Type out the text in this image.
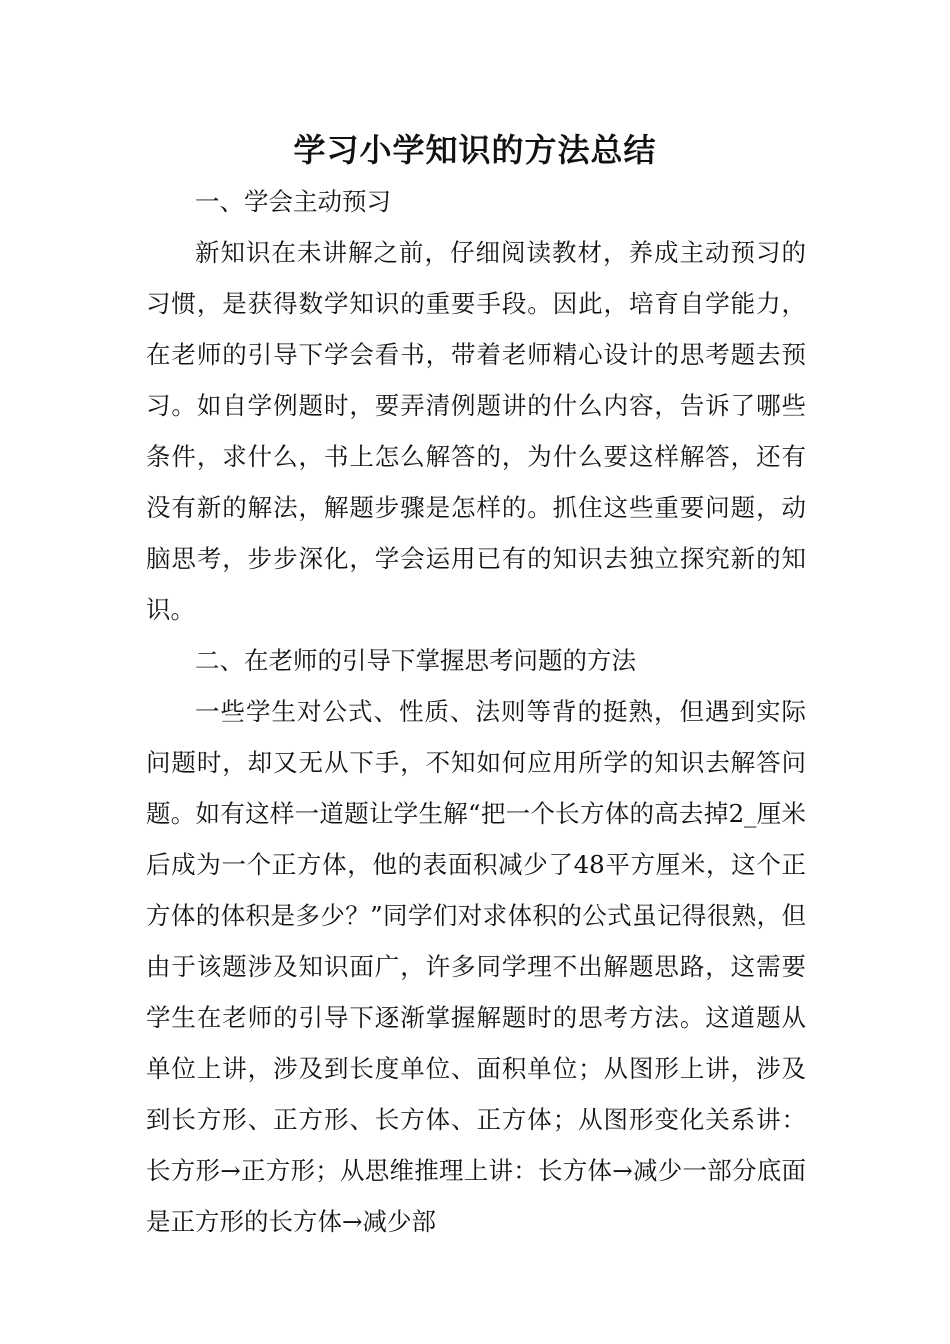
学习小学知识的方法总结

一、学会主动预习

新知识在未讲解之前，仔细阅读教材，养成主动预习的习惯，是获得数学知识的重要手段。因此，培育自学能力，在老师的引导下学会看书，带着老师精心设计的思考题去预习。如自学例题时，要弄清例题讲的什么内容，告诉了哪些条件，求什么，书上怎么解答的，为什么要这样解答，还有没有新的解法，解题步骤是怎样的。抓住这些重要问题，动脑思考，步步深化，学会运用已有的知识去独立探究新的知识。

二、在老师的引导下掌握思考问题的方法

一些学生对公式、性质、法则等背的挺熟，但遇到实际问题时，却又无从下手，不知如何应用所学的知识去解答问题。如有这样一道题让学生解“把一个长方体的高去掉2_厘米后成为一个正方体，他的表面积减少了48平方厘米，这个正方体的体积是多少？”同学们对求体积的公式虽记得很熟，但由于该题涉及知识面广，许多同学理不出解题思路，这需要学生在老师的引导下逐渐掌握解题时的思考方法。这道题从单位上讲，涉及到长度单位、面积单位；从图形上讲，涉及到长方形、正方形、长方体、正方体；从图形变化关系讲：长方形→正方形；从思维推理上讲：长方体→减少一部分底面是正方形的长方体→减少部
